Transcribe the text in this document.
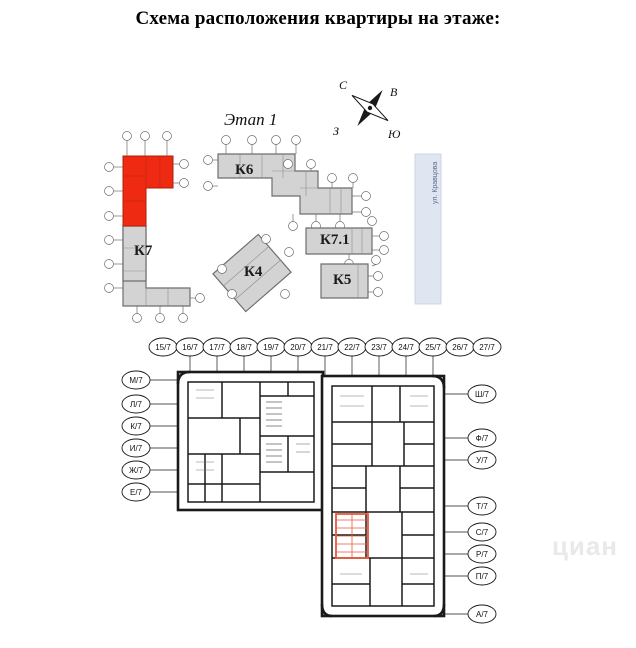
Схема расположения квартиры на этаже:
К7
К6
К7.1
К4	К5
Этап 1
ул. Кравцова
С	В
Ю
З
циан
15/7	16/7	17/7	18/7	19/7	20/7	21/7	22/7	23/7	24/7	25/7	26/7	27/7
М/7
Л/7
К/7
И/7
Ж/7
Е/7
Ш/7
Ф/7
У/7
Т/7
С/7
Р/7
П/7
А/7
